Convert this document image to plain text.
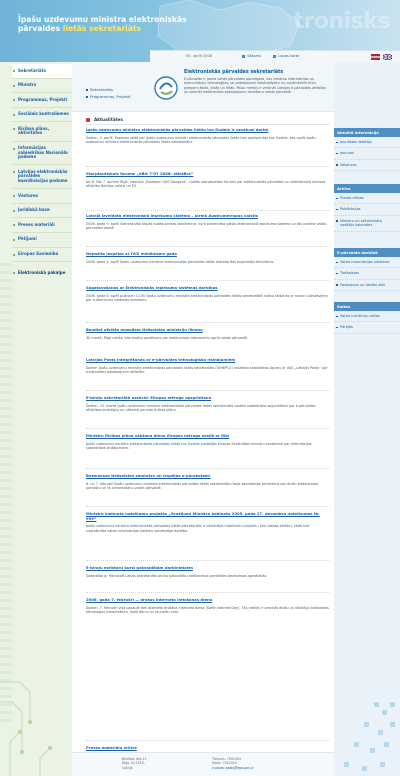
tronisks
Īpašu uzdevumu ministra elektroniskās
pārvaldes lietās sekretariāts
05. aprīlī 2006	Sākums	Lapas karte
Sekretariāts
Ministrs
Programmas, Projekti
Sociālais kontroliemes
Rīcības plāns, aktivitātes
Informācijas sabiedrības Nacionāla padome
Latvijas elektroniskās pārvaldes koordinācijas padome
Vēstures
Juridiskā baze
Preses materiāli
Pētījumi
Eiropas Savienība
Elektroniskā pakalpe
Sekretariāts
Programmas, Projekti
Elektroniskās pārvaldes sekretariāts
E-pārvalde ir jauna valsts pārvaldes paradigma, kas izmanto informācijas un komunikāciju tehnoloģijas, lai pakalpojumi iedzīvotājiem un uzņēmējiem būtu pieejami ātrāk, ērtāk un lētāk. Mūsu mērķis ir veicināt Latvijas e-pārvaldes attīstību un sekmēt elektronisko pakalpojumu ieviešanu valsts pārvaldē.
Aktualitātes
Īpašu uzdevumu ministra elektroniskās pārvaldes lietās Ina Gudele ir uzsākusi darbu
Šodien, 5. aprīlī, Saeimas sēdē par īpašu uzdevumu ministri elektroniskās pārvaldes lietās tika apstiprināta Ina Gudele, kas vadīs Īpašu uzdevumu ministra elektroniskās pārvaldes lietās sekretariātu.
Starptautiskais forums „eBiz 7’07 2006: eNetBra”
No 6. līdz 7. aprīlim Rīgā, viesnīcā „Radisson SAS Daugava”, notiek starptautisks forums par elektroniskās pārvaldes un elektroniskā biznesa attīstību Baltijas valstīs un ES.
Latvijā izveidotā elektroniskā iepirkuma sistēma – pirmā Austrumeiropas valstīs
2006. gada 9. aprīlī Sekretariāta telpās notika preses konference, kurā prezentēta valsts elektroniskā iepirkuma sistēma un tās nozīme valsts pārvaldes darbā.
Depozīta iespējas ar IVIS mehānisms gada
2006. gada 4. aprīlī Īpašu uzdevumu ministra elektroniskās pārvaldes lietās sekretariāts organizēja seminārus.
Sagatavošanas ar Elektroniskās iepirkuma sistēmas darbības
2006. gada 6. aprīlī pulksten 11:00 Īpašu uzdevumu ministra elektroniskās pārvaldes lietās sekretariātā notika tikšanās ar nozaru pārstāvjiem par e-iepirkumu sistēmas ieviešanu.
Baudiet atklāto mazajiem tiešsaistes ministriju likumu
30 martā, Rīgā notika informatīvs pasākums par elektronisko dokumentu apriti valsts pārvaldē.
Latvijas Pasts integrēšanās ar e-pārvaldes tehnoloģisko risinājumiem
Šodien Īpašu uzdevumu ministra elektroniskās pārvaldes lietās sekretariāts (ĪUMEPLS) noslēdza sadarbības līgumu ar VAS „Latvijas Pasts” par e-pārvaldes pakalpojumu attīstību.
E-biroju sekretariātā uzsācis! Eiropas mēroga apspriešana
Šodien, 15. martā Īpašu uzdevumu ministra elektroniskās pārvaldes lietās sekretariāts uzsāka sabiedrisko apspriešanu par e-pārvaldes attīstības stratēģiju un nākamā perioda rīcības plānu.
Ministru Rīcības plāna sākšana dienu Eiropas mēroga sesijā ar Rīki
Īpašu uzdevumu ministrs elektroniskās pārvaldes lietās Ina Gudele piedalījās Eiropas Savienības ministru sanāksmē par informācijas sabiedrības jautājumiem.
Bezmaksas tiešsaistes seminārs un iespējas e-parakstam!
6. un 7. februārī Īpašu uzdevumu ministra elektroniskās pārvaldes lietās sekretariāts rīkoja bezmaksas seminārus par drošu elektronisko parakstu un tā izmantošanu valsts pārvaldē.
Ministru kabineta noteikumu projekts „Grozījumi Ministru kabineta 2005. gada 27. decembra noteikumos Nr. 999”
Īpašu uzdevumu ministra elektroniskās pārvaldes lietās sekretariāts ir izstrādājis noteikumu projektu, kas nosaka kārtību, kādā tiek nodrošināta valsts informācijas sistēmu savietotāja darbība.
E-biroju meistaru kursi pašvaldībām darbiniekiem
Sadarbībā ar Microsoft Latvia sekretariāts aicina pašvaldību darbiniekus piedalīties bezmaksas apmācībās.
2006. gada 7. februārī — drošas interneta lietošanas diena
Šodien, 7. februārī visā pasaulē tiek atzīmēta drošāka interneta diena (Safer Internet Day). Tās mērķis ir veicināt drošu un atbildīgu tiešsaistes tehnoloģiju izmantošanu, īpaši bērnu un jauniešu vidū.
Preses materiālu arhīvs
Aktuālā informācija
Jaunākais lietotājs
Jaunumi
Vakances
Arhīvs
Preses relīzes
Publikācijas
Ministru un sekretariāta vadītāju kalendārs
E-pārvalde darbībā
Valsts informācijas sistēmas
Tiešsaistes
Paziņojumi un tiesību akti
Saites
Valsts institūciju saites
Pārējās
Brīvības iela 21,
Rīga, LV-1010,
Latvija
Tālrunis: 7501009
Fakss: 7501010
e-pasts: pasts@eps.gov.lv
